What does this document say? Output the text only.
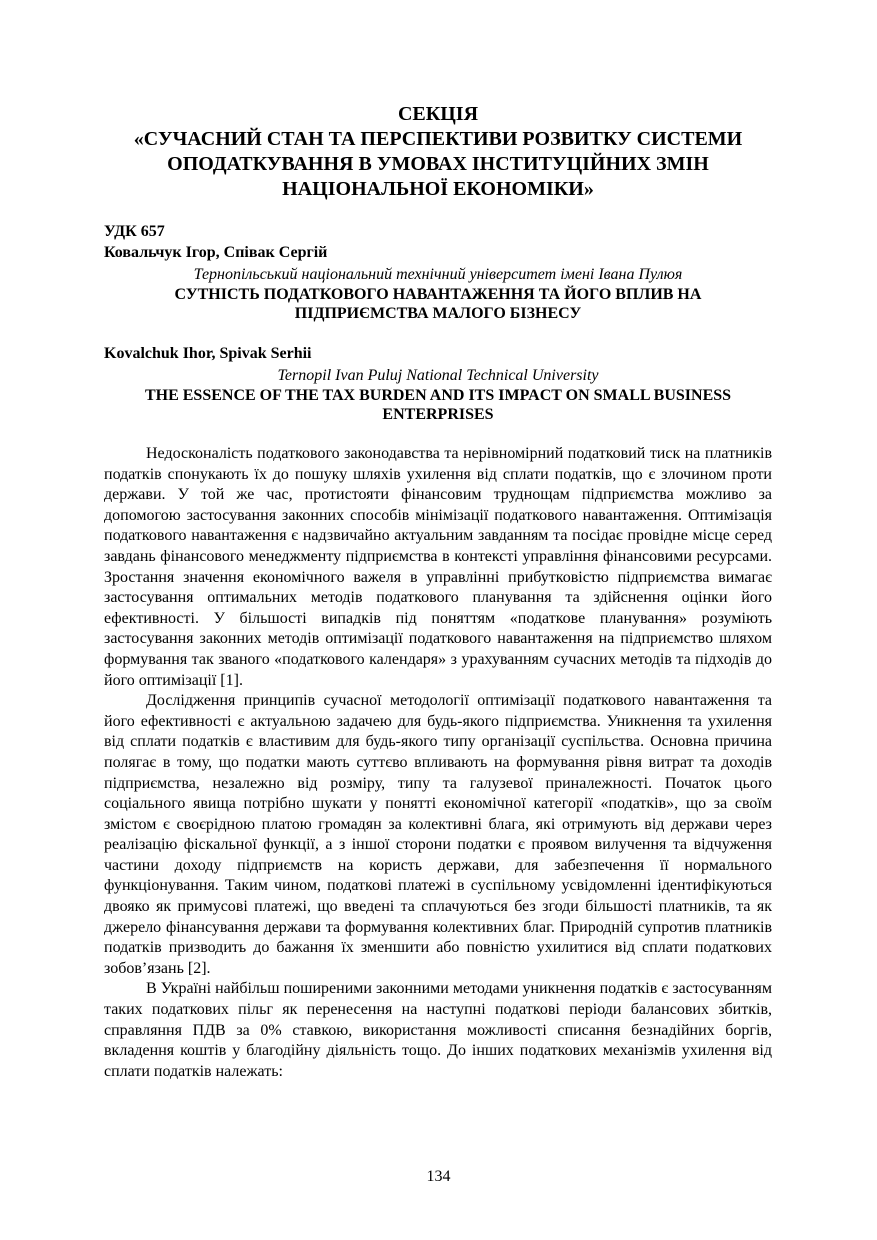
СЕКЦІЯ

«СУЧАСНИЙ СТАН ТА ПЕРСПЕКТИВИ РОЗВИТКУ СИСТЕМИ

ОПОДАТКУВАННЯ В УМОВАХ ІНСТИТУЦІЙНИХ ЗМІН

НАЦІОНАЛЬНОЇ ЕКОНОМІКИ»

УДК 657
Ковальчук Ігор, Співак Сергій
Тернопільський національний технічний університет імені Івана Пулюя
СУТНІСТЬ ПОДАТКОВОГО НАВАНТАЖЕННЯ ТА ЙОГО ВПЛИВ НА
ПІДПРИЄМСТВА МАЛОГО БІЗНЕСУ
Kovalchuk Ihor, Spivak Serhii
Ternopil Ivan Puluj National Technical University
THE ESSENCE OF THE TAX BURDEN AND ITS IMPACT ON SMALL BUSINESS
ENTERPRISES

Недосконалість податкового законодавства та нерівномірний податковий тиск на платників податків спонукають їх до пошуку шляхів ухилення від сплати податків, що є злочином проти держави. У той же час, протистояти фінансовим труднощам підприємства можливо за допомогою застосування законних способів мінімізації податкового навантаження. Оптимізація податкового навантаження є надзвичайно актуальним завданням та посідає провідне місце серед завдань фінансового менеджменту підприємства в контексті управління фінансовими ресурсами. Зростання значення економічного важеля в управлінні прибутковістю підприємства вимагає застосування оптимальних методів податкового планування та здійснення оцінки його ефективності. У більшості випадків під поняттям «податкове планування» розуміють застосування законних методів оптимізації податкового навантаження на підприємство шляхом формування так званого «податкового календаря» з урахуванням сучасних методів та підходів до його оптимізації [1].

Дослідження принципів сучасної методології оптимізації податкового навантаження та його ефективності є актуальною задачею для будь-якого підприємства. Уникнення та ухилення від сплати податків є властивим для будь-якого типу організації суспільства. Основна причина полягає в тому, що податки мають суттєво впливають на формування рівня витрат та доходів підприємства, незалежно від розміру, типу та галузевої приналежності. Початок цього соціального явища потрібно шукати у понятті економічної категорії «податків», що за своїм змістом є своєрідною платою громадян за колективні блага, які отримують від держави через реалізацію фіскальної функції, а з іншої сторони податки є проявом вилучення та відчуження частини доходу підприємств на користь держави, для забезпечення її нормального функціонування. Таким чином, податкові платежі в суспільному усвідомленні ідентифікуються двояко як примусові платежі, що введені та сплачуються без згоди більшості платників, та як джерело фінансування держави та формування колективних благ. Природній супротив платників податків призводить до бажання їх зменшити або повністю ухилитися від сплати податкових зобов’язань [2].

В Україні найбільш поширеними законними методами уникнення податків є застосуванням таких податкових пільг як перенесення на наступні податкові періоди балансових збитків, справляння ПДВ за 0% ставкою, використання можливості списання безнадійних боргів, вкладення коштів у благодійну діяльність тощо. До інших податкових механізмів ухилення від сплати податків належать:

134
